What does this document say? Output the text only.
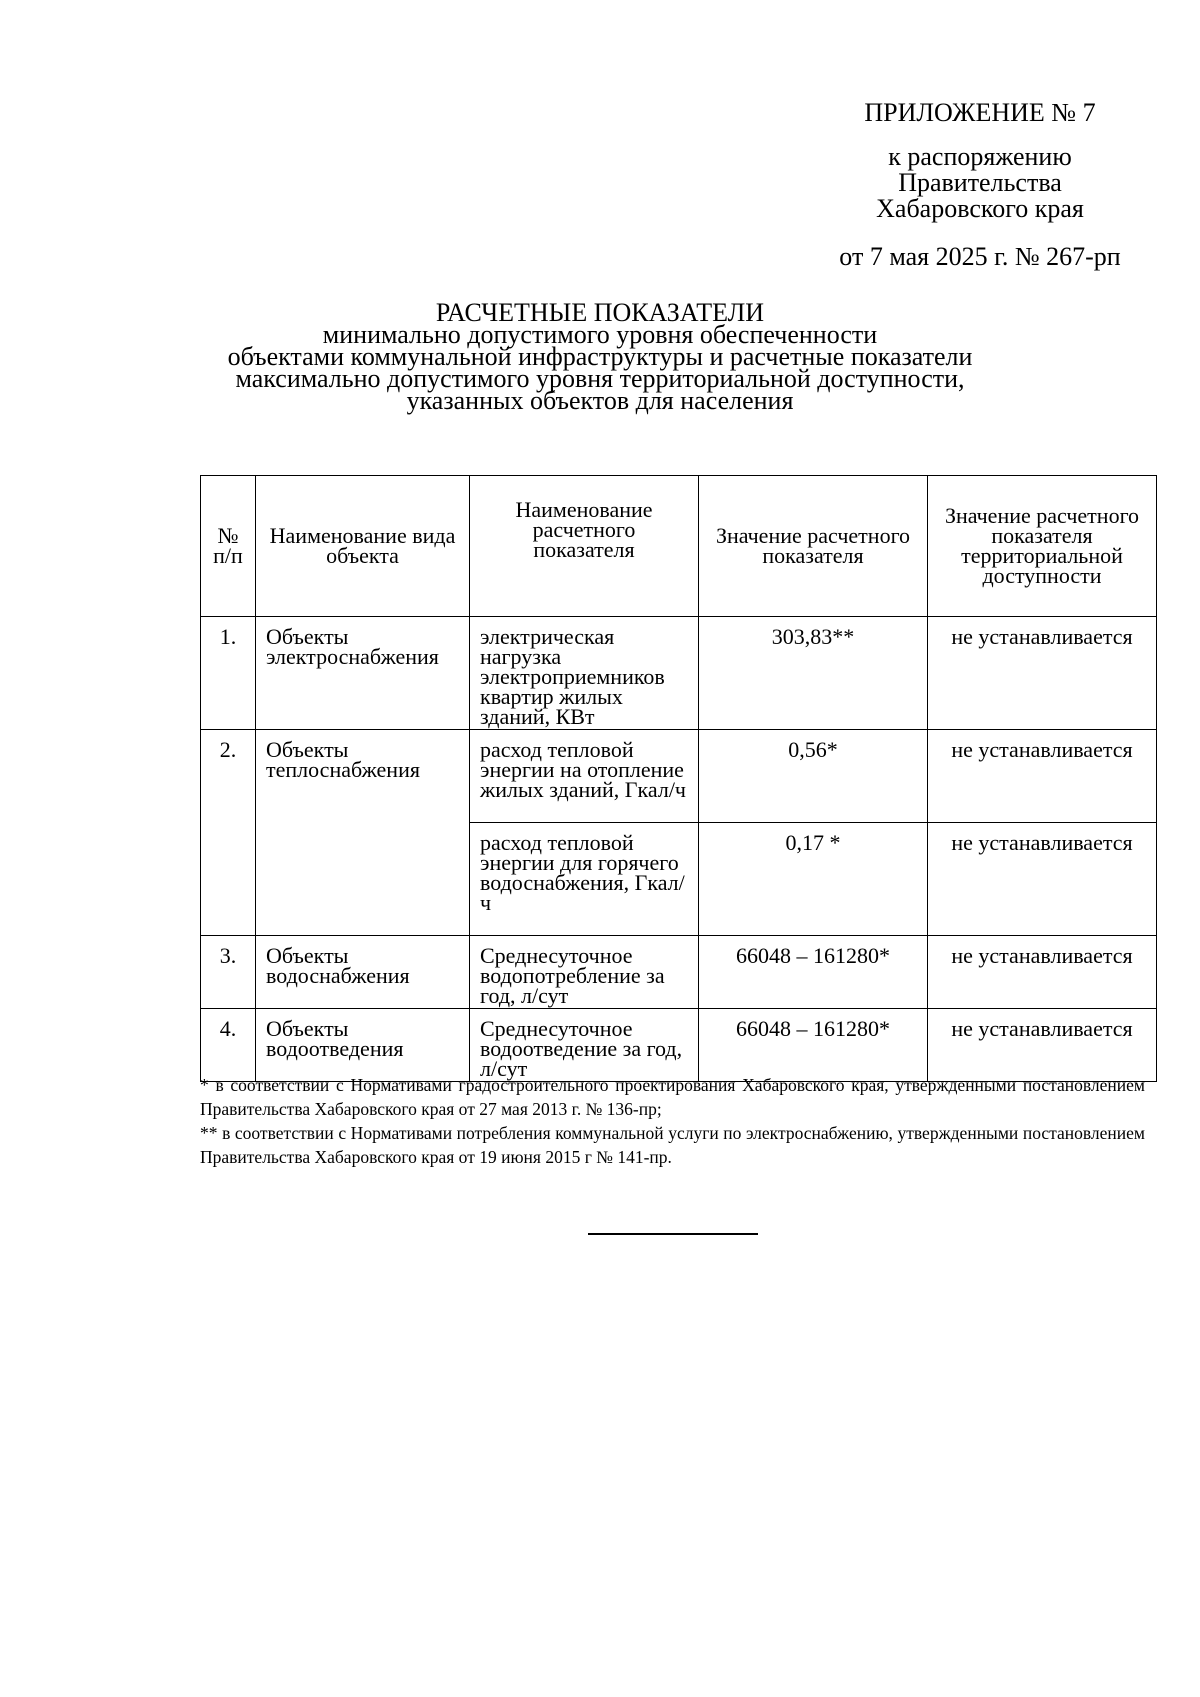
ПРИЛОЖЕНИЕ № 7
к распоряжению
Правительства
Хабаровского края
от 7 мая 2025 г. № 267-рп
РАСЧЕТНЫЕ ПОКАЗАТЕЛИ
минимально допустимого уровня обеспеченности
объектами коммунальной инфраструктуры и расчетные показатели
максимально допустимого уровня территориальной доступности,
указанных объектов для населения
№ п/п	Наименование вида объекта	Наименование расчетного показателя	Значение расчетного показателя	Значение расчетного показателя территориальной доступности
1.	Объекты электроснабжения	электрическая нагрузка электроприемников квартир жилых зданий, КВт	303,83**	не устанавливается
2.	Объекты теплоснабжения	расход тепловой энергии на отопление жилых зданий, Гкал/ч	0,56*	не устанавливается
		расход тепловой энергии для горячего водоснабжения, Гкал/ч	0,17 *	не устанавливается
3.	Объекты водоснабжения	Среднесуточное водопотребление за год, л/сут	66048 – 161280*	не устанавливается
4.	Объекты водоотведения	Среднесуточное водоотведение за год, л/сут	66048 – 161280*	не устанавливается

* в соответствии с Нормативами градостроительного проектирования Хабаровского края, утвержденными постановлением Правительства Хабаровского края от 27 мая 2013 г. № 136-пр;

** в соответствии с Нормативами потребления коммунальной услуги по электроснабжению, утвержденными постановлением Правительства Хабаровского края от 19 июня 2015 г № 141-пр.
